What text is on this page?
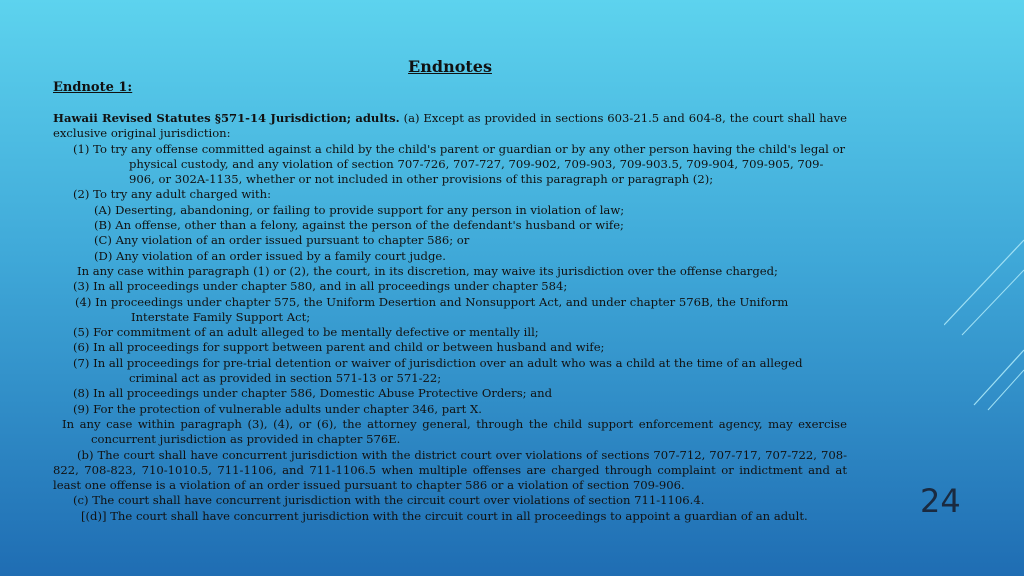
Endnotes
Endnote 1:

Hawaii Revised Statutes §571-14 Jurisdiction; adults. (a) Except as provided in sections 603-21.5 and 604-8, the court shall have exclusive original jurisdiction:

(1) To try any offense committed against a child by the child's parent or guardian or by any other person having the child's legal or physical custody, and any violation of section 707-726, 707-727, 709-902, 709-903, 709-903.5, 709-904, 709-905, 709-906, or 302A-1135, whether or not included in other provisions of this paragraph or paragraph (2);

(2) To try any adult charged with:

(A) Deserting, abandoning, or failing to provide support for any person in violation of law;

(B) An offense, other than a felony, against the person of the defendant's husband or wife;

(C) Any violation of an order issued pursuant to chapter 586; or

(D) Any violation of an order issued by a family court judge.

In any case within paragraph (1) or (2), the court, in its discretion, may waive its jurisdiction over the offense charged;

(3) In all proceedings under chapter 580, and in all proceedings under chapter 584;

(4) In proceedings under chapter 575, the Uniform Desertion and Nonsupport Act, and under chapter 576B, the Uniform Interstate Family Support Act;

(5) For commitment of an adult alleged to be mentally defective or mentally ill;

(6) In all proceedings for support between parent and child or between husband and wife;

(7) In all proceedings for pre-trial detention or waiver of jurisdiction over an adult who was a child at the time of an alleged criminal act as provided in section 571-13 or 571-22;

(8) In all proceedings under chapter 586, Domestic Abuse Protective Orders; and

(9) For the protection of vulnerable adults under chapter 346, part X.

In any case within paragraph (3), (4), or (6), the attorney general, through the child support enforcement agency, may exercise concurrent jurisdiction as provided in chapter 576E.

(b) The court shall have concurrent jurisdiction with the district court over violations of sections 707-712, 707-717, 707-722, 708-822, 708-823, 710-1010.5, 711-1106, and 711-1106.5 when multiple offenses are charged through complaint or indictment and at least one offense is a violation of an order issued pursuant to chapter 586 or a violation of section 709-906.

(c) The court shall have concurrent jurisdiction with the circuit court over violations of section 711-1106.4.

[(d)] The court shall have concurrent jurisdiction with the circuit court in all proceedings to appoint a guardian of an adult.	24
